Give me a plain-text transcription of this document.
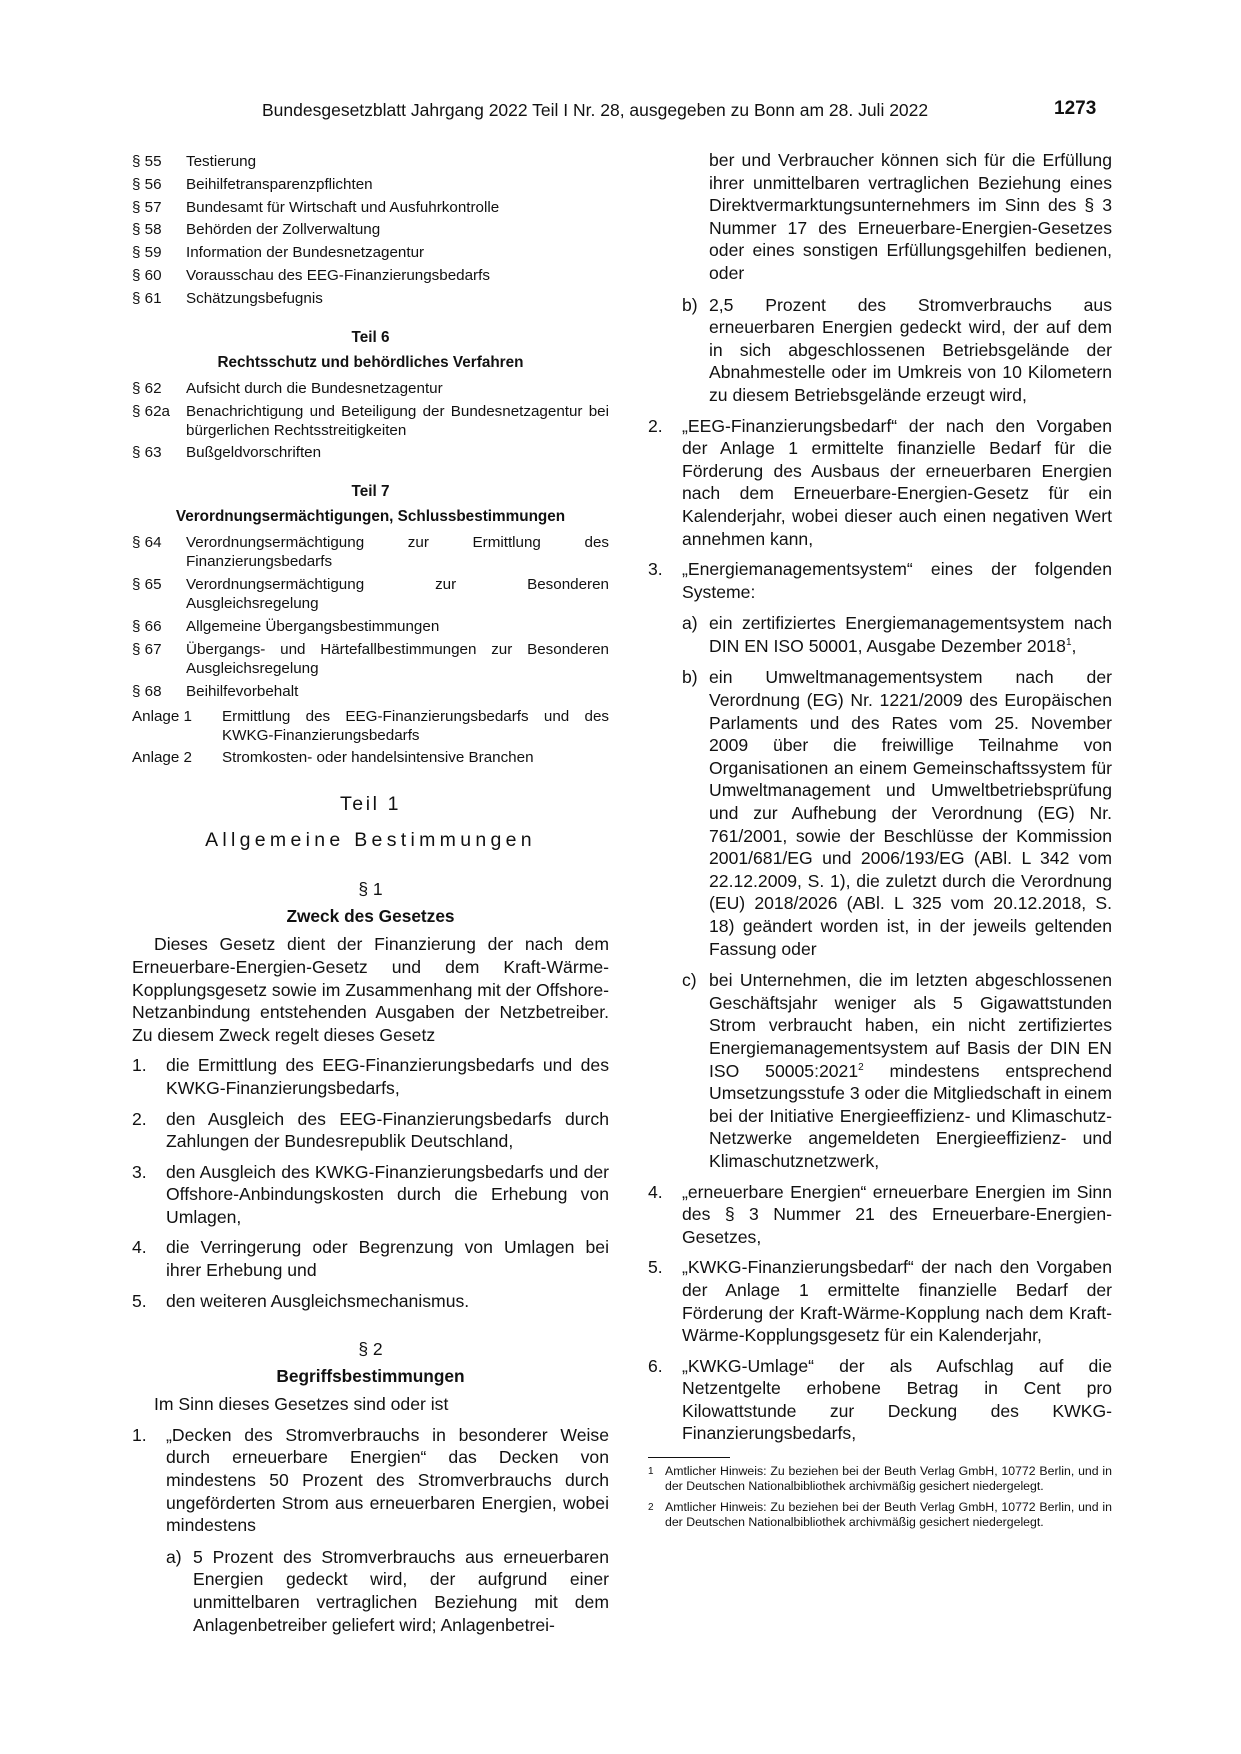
Bundesgesetzblatt Jahrgang 2022 Teil I Nr. 28, ausgegeben zu Bonn am 28. Juli 2022	1273
§ 55	Testierung
§ 56	Beihilfetransparenzpflichten
§ 57	Bundesamt für Wirtschaft und Ausfuhrkontrolle
§ 58	Behörden der Zollverwaltung
§ 59	Information der Bundesnetzagentur
§ 60	Vorausschau des EEG-Finanzierungsbedarfs
§ 61	Schätzungsbefugnis
Teil 6
Rechtsschutz und behördliches Verfahren
§ 62	Aufsicht durch die Bundesnetzagentur
§ 62a	Benachrichtigung und Beteiligung der Bundesnetzagentur bei bürgerlichen Rechtsstreitigkeiten
§ 63	Bußgeldvorschriften
Teil 7
Verordnungsermächtigungen, Schlussbestimmungen
§ 64	Verordnungsermächtigung zur Ermittlung des Finanzierungsbedarfs
§ 65	Verordnungsermächtigung zur Besonderen Ausgleichsregelung
§ 66	Allgemeine Übergangsbestimmungen
§ 67	Übergangs- und Härtefallbestimmungen zur Besonderen Ausgleichsregelung
§ 68	Beihilfevorbehalt
Anlage 1	Ermittlung des EEG-Finanzierungsbedarfs und des KWKG-Finanzierungsbedarfs
Anlage 2	Stromkosten- oder handelsintensive Branchen
Teil 1
Allgemeine Bestimmungen
§ 1
Zweck des Gesetzes
Dieses Gesetz dient der Finanzierung der nach dem Erneuerbare-Energien-Gesetz und dem Kraft-Wärme-Kopplungsgesetz sowie im Zusammenhang mit der Offshore-Netzanbindung entstehenden Ausgaben der Netzbetreiber. Zu diesem Zweck regelt dieses Gesetz
1.	die Ermittlung des EEG-Finanzierungsbedarfs und des KWKG-Finanzierungsbedarfs,
2.	den Ausgleich des EEG-Finanzierungsbedarfs durch Zahlungen der Bundesrepublik Deutschland,
3.	den Ausgleich des KWKG-Finanzierungsbedarfs und der Offshore-Anbindungskosten durch die Erhebung von Umlagen,
4.	die Verringerung oder Begrenzung von Umlagen bei ihrer Erhebung und
5.	den weiteren Ausgleichsmechanismus.
§ 2
Begriffsbestimmungen
Im Sinn dieses Gesetzes sind oder ist
1.	„Decken des Stromverbrauchs in besonderer Weise durch erneuerbare Energien“ das Decken von mindestens 50 Prozent des Stromverbrauchs durch ungeförderten Strom aus erneuerbaren Energien, wobei mindestens
a) 5 Prozent des Stromverbrauchs aus erneuerbaren Energien gedeckt wird, der aufgrund einer unmittelbaren vertraglichen Beziehung mit dem Anlagenbetreiber geliefert wird; Anlagenbetrei-
ber und Verbraucher können sich für die Erfüllung ihrer unmittelbaren vertraglichen Beziehung eines Direktvermarktungsunternehmers im Sinn des § 3 Nummer 17 des Erneuerbare-Energien-Gesetzes oder eines sonstigen Erfüllungsgehilfen bedienen, oder
b) 2,5 Prozent des Stromverbrauchs aus erneuerbaren Energien gedeckt wird, der auf dem in sich abgeschlossenen Betriebsgelände der Abnahmestelle oder im Umkreis von 10 Kilometern zu diesem Betriebsgelände erzeugt wird,
2.	„EEG-Finanzierungsbedarf“ der nach den Vorgaben der Anlage 1 ermittelte finanzielle Bedarf für die Förderung des Ausbaus der erneuerbaren Energien nach dem Erneuerbare-Energien-Gesetz für ein Kalenderjahr, wobei dieser auch einen negativen Wert annehmen kann,
3.	„Energiemanagementsystem“ eines der folgenden Systeme:
a) ein zertifiziertes Energiemanagementsystem nach DIN EN ISO 50001, Ausgabe Dezember 2018$^1$,
b) ein Umweltmanagementsystem nach der Verordnung (EG) Nr. 1221/2009 des Europäischen Parlaments und des Rates vom 25. November 2009 über die freiwillige Teilnahme von Organisationen an einem Gemeinschaftssystem für Umweltmanagement und Umweltbetriebsprüfung und zur Aufhebung der Verordnung (EG) Nr. 761/2001, sowie der Beschlüsse der Kommission 2001/681/EG und 2006/193/EG (ABl. L 342 vom 22.12.2009, S. 1), die zuletzt durch die Verordnung (EU) 2018/2026 (ABl. L 325 vom 20.12.2018, S. 18) geändert worden ist, in der jeweils geltenden Fassung oder
c) bei Unternehmen, die im letzten abgeschlossenen Geschäftsjahr weniger als 5 Gigawattstunden Strom verbraucht haben, ein nicht zertifiziertes Energiemanagementsystem auf Basis der DIN EN ISO 50005:2021$^2$ mindestens entsprechend Umsetzungsstufe 3 oder die Mitgliedschaft in einem bei der Initiative Energieeffizienz- und Klimaschutz-Netzwerke angemeldeten Energieeffizienz- und Klimaschutznetzwerk,
4.	„erneuerbare Energien“ erneuerbare Energien im Sinn des § 3 Nummer 21 des Erneuerbare-Energien-Gesetzes,
5.	„KWKG-Finanzierungsbedarf“ der nach den Vorgaben der Anlage 1 ermittelte finanzielle Bedarf der Förderung der Kraft-Wärme-Kopplung nach dem Kraft-Wärme-Kopplungsgesetz für ein Kalenderjahr,
6.	„KWKG-Umlage“ der als Aufschlag auf die Netzentgelte erhobene Betrag in Cent pro Kilowattstunde zur Deckung des KWKG-Finanzierungsbedarfs,
1 Amtlicher Hinweis: Zu beziehen bei der Beuth Verlag GmbH, 10772 Berlin, und in der Deutschen Nationalbibliothek archivmäßig gesichert niedergelegt.
2 Amtlicher Hinweis: Zu beziehen bei der Beuth Verlag GmbH, 10772 Berlin, und in der Deutschen Nationalbibliothek archivmäßig gesichert niedergelegt.
